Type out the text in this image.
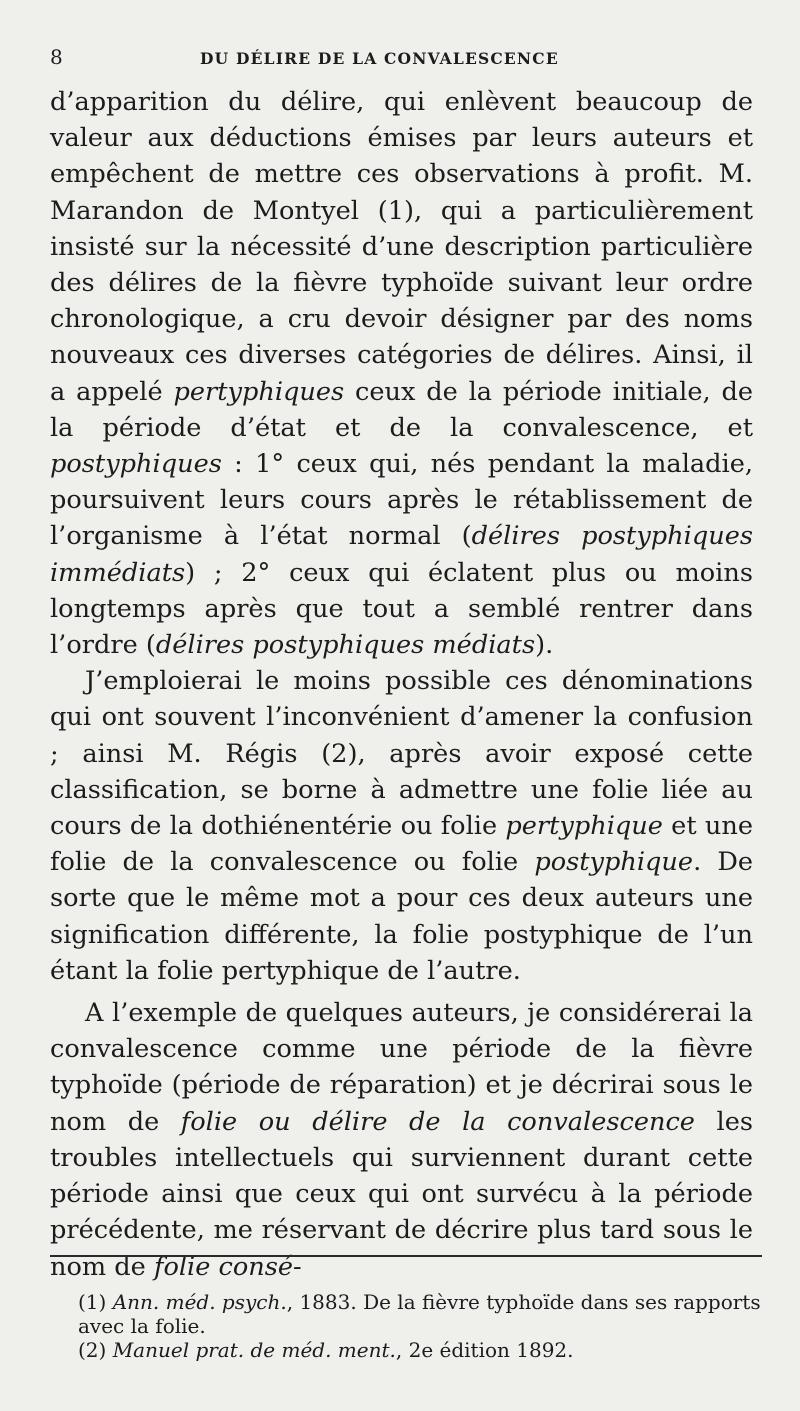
8	DU DÉLIRE DE LA CONVALESCENCE

d’apparition du délire, qui enlèvent beaucoup de valeur aux déductions émises par leurs auteurs et empêchent de mettre ces observations à profit. M. Marandon de Montyel (1), qui a particulièrement insisté sur la nécessité d’une description particulière des délires de la fièvre typhoïde suivant leur ordre chronologique, a cru devoir désigner par des noms nouveaux ces diverses catégories de délires. Ainsi, il a appelé pertyphiques ceux de la période initiale, de la période d’état et de la convalescence, et postyphiques : 1° ceux qui, nés pendant la maladie, poursuivent leurs cours après le rétablissement de l’organisme à l’état normal (délires postyphiques immédiats) ; 2° ceux qui éclatent plus ou moins longtemps après que tout a semblé rentrer dans l’ordre (délires postyphiques médiats).

J’emploierai le moins possible ces dénominations qui ont souvent l’inconvénient d’amener la confusion ; ainsi M. Régis (2), après avoir exposé cette classification, se borne à admettre une folie liée au cours de la dothiénentérie ou folie pertyphique et une folie de la convalescence ou folie postyphique. De sorte que le même mot a pour ces deux auteurs une signification différente, la folie postyphique de l’un étant la folie pertyphique de l’autre.

A l’exemple de quelques auteurs, je considérerai la convalescence comme une période de la fièvre typhoïde (période de réparation) et je décrirai sous le nom de folie ou délire de la convalescence les troubles intellectuels qui surviennent durant cette période ainsi que ceux qui ont survécu à la période précédente, me réservant de décrire plus tard sous le nom de folie consé-

(1) Ann. méd. psych., 1883. De la fièvre typhoïde dans ses rapports avec la folie.

(2) Manuel prat. de méd. ment., 2e édition 1892.
